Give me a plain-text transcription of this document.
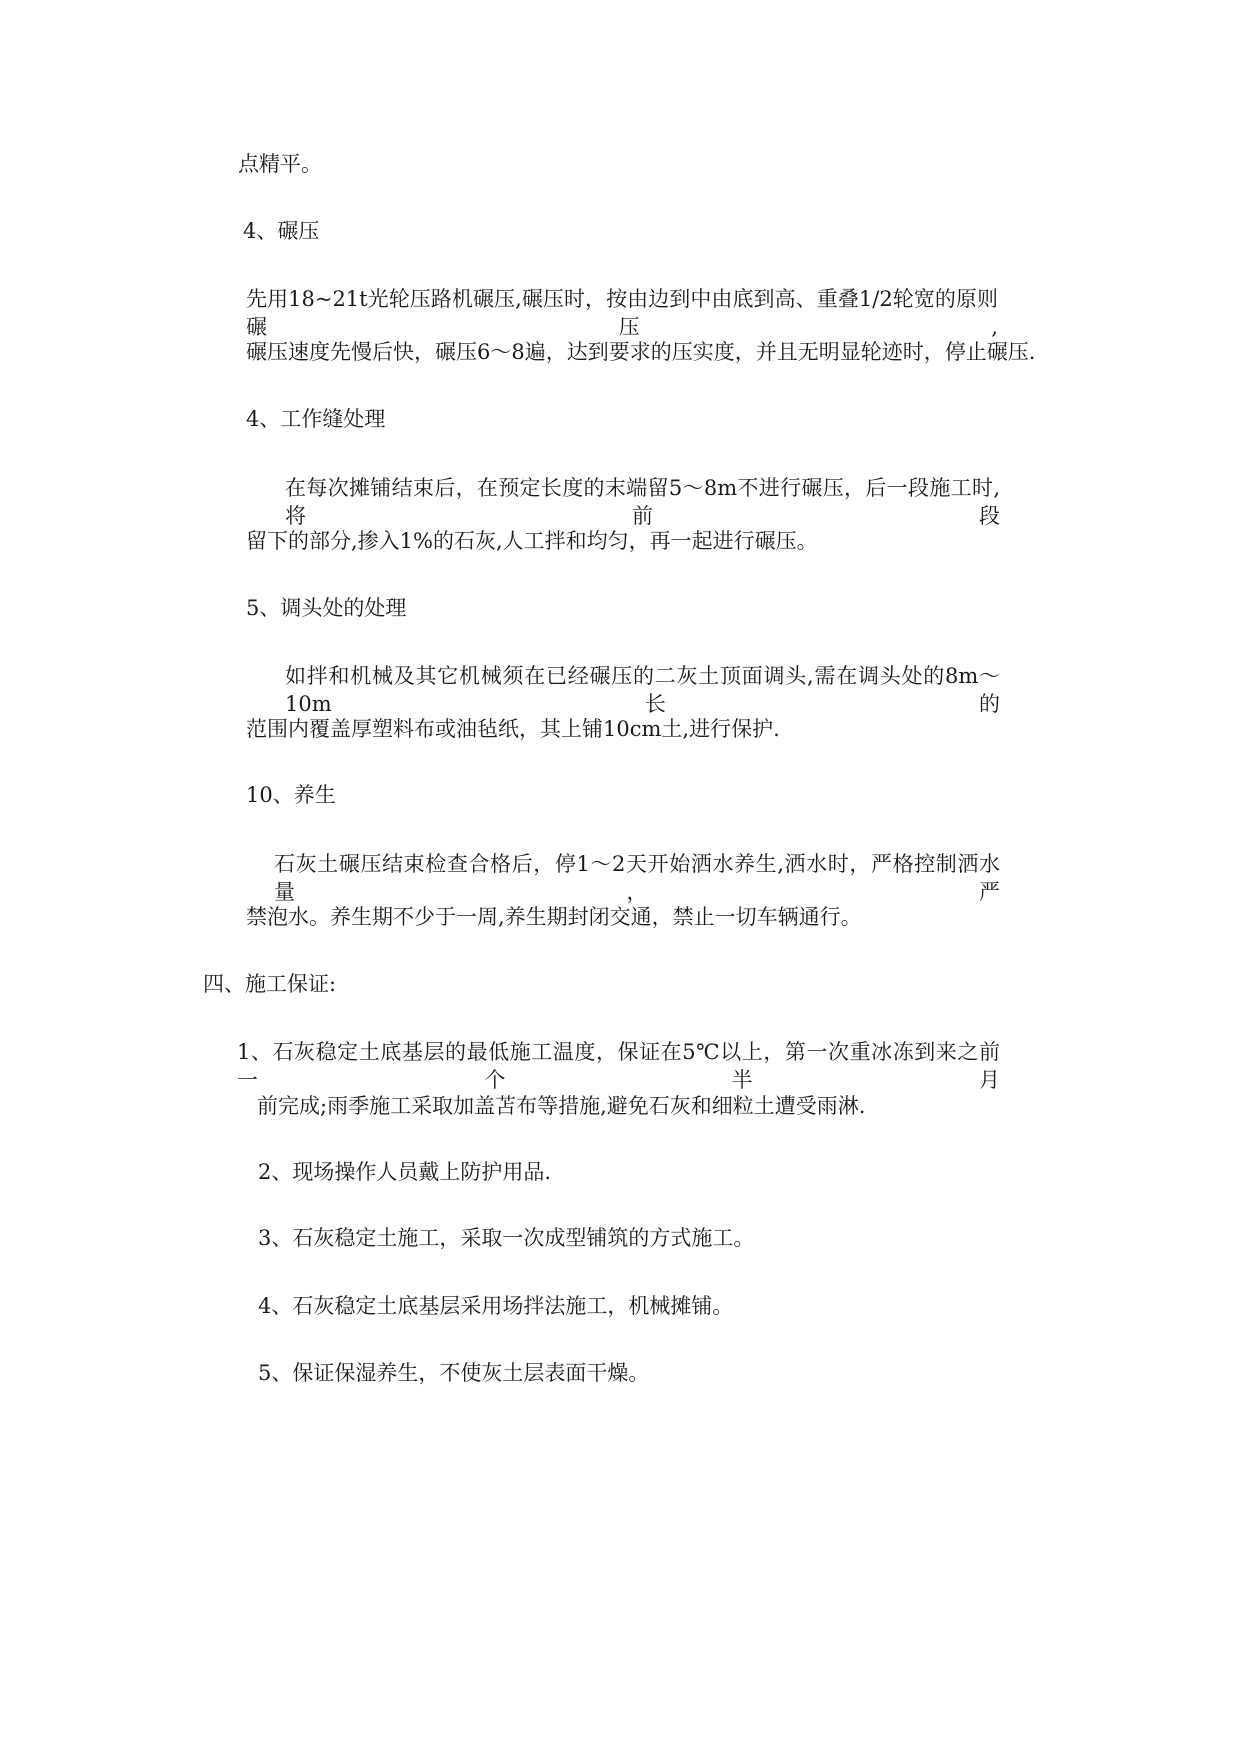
点精平。
4、碾压
先用18~21t光轮压路机碾压,碾压时，按由边到中由底到高、重叠1/2轮宽的原则碾压,
碾压速度先慢后快，碾压6～8遍，达到要求的压实度，并且无明显轮迹时，停止碾压.
4、工作缝处理
在每次摊铺结束后，在预定长度的末端留5～8m不进行碾压，后一段施工时,将前段
留下的部分,掺入1%的石灰,人工拌和均匀，再一起进行碾压。
5、调头处的处理
如拌和机械及其它机械须在已经碾压的二灰土顶面调头,需在调头处的8m～10m长的
范围内覆盖厚塑料布或油毡纸，其上铺10cm土,进行保护.
10、养生
石灰土碾压结束检查合格后，停1～2天开始洒水养生,洒水时，严格控制洒水量，严
禁泡水。养生期不少于一周,养生期封闭交通，禁止一切车辆通行。
四、施工保证:
1、石灰稳定土底基层的最低施工温度，保证在5℃以上，第一次重冰冻到来之前一个半月
前完成;雨季施工采取加盖苫布等措施,避免石灰和细粒土遭受雨淋.
2、现场操作人员戴上防护用品.
3、石灰稳定土施工，采取一次成型铺筑的方式施工。
4、石灰稳定土底基层采用场拌法施工，机械摊铺。
5、保证保湿养生，不使灰土层表面干燥。
